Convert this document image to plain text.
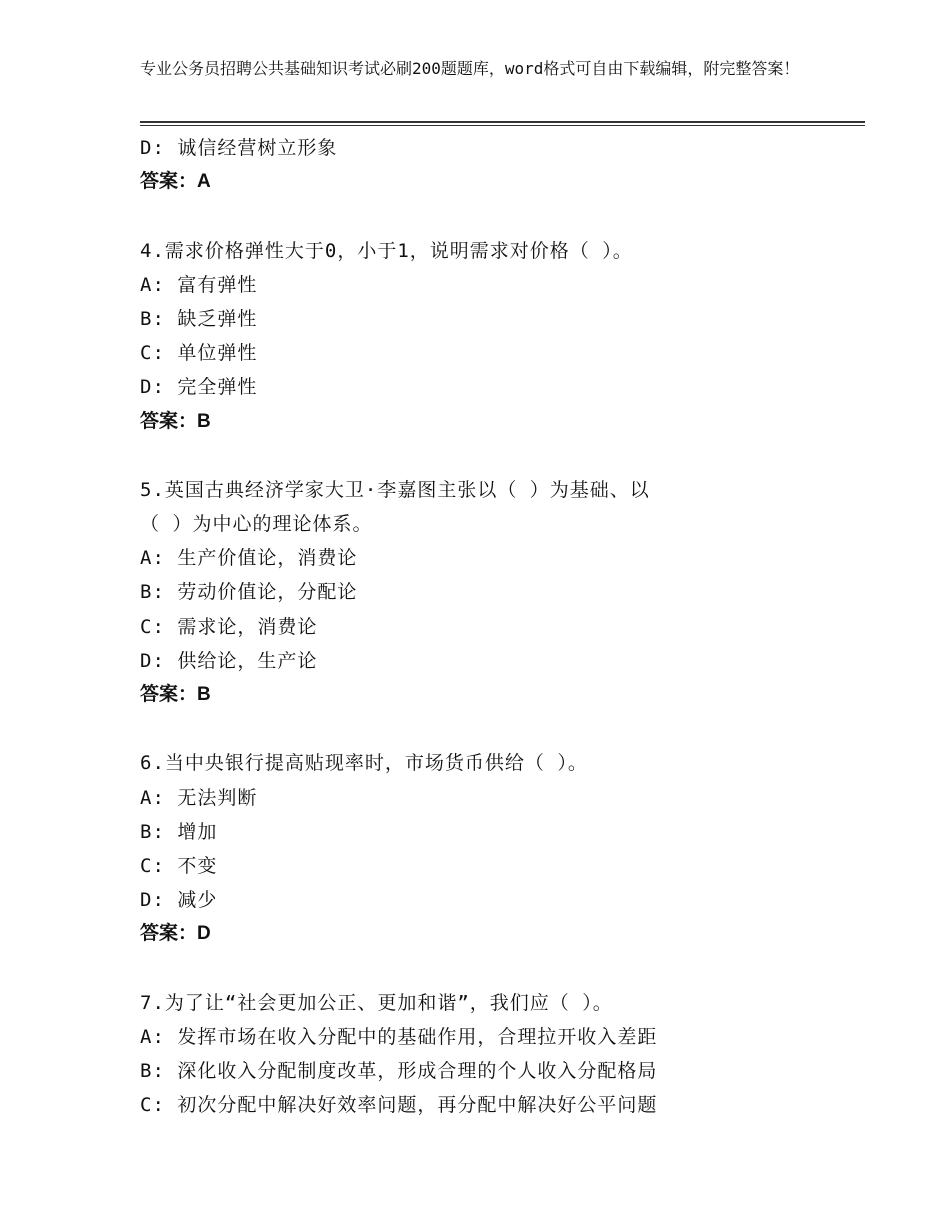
专业公务员招聘公共基础知识考试必刷200题题库，word格式可自由下载编辑，附完整答案！
D: 诚信经营树立形象
答案：A
4.需求价格弹性大于0，小于1，说明需求对价格（ ）。
A: 富有弹性
B: 缺乏弹性
C: 单位弹性
D: 完全弹性
答案：B
5.英国古典经济学家大卫·李嘉图主张以（ ）为基础、以
（ ）为中心的理论体系。
A: 生产价值论，消费论
B: 劳动价值论，分配论
C: 需求论，消费论
D: 供给论，生产论
答案：B
6.当中央银行提高贴现率时，市场货币供给（ ）。
A: 无法判断
B: 增加
C: 不变
D: 减少
答案：D
7.为了让“社会更加公正、更加和谐”，我们应（ ）。
A: 发挥市场在收入分配中的基础作用，合理拉开收入差距
B: 深化收入分配制度改革，形成合理的个人收入分配格局
C: 初次分配中解决好效率问题，再分配中解决好公平问题
